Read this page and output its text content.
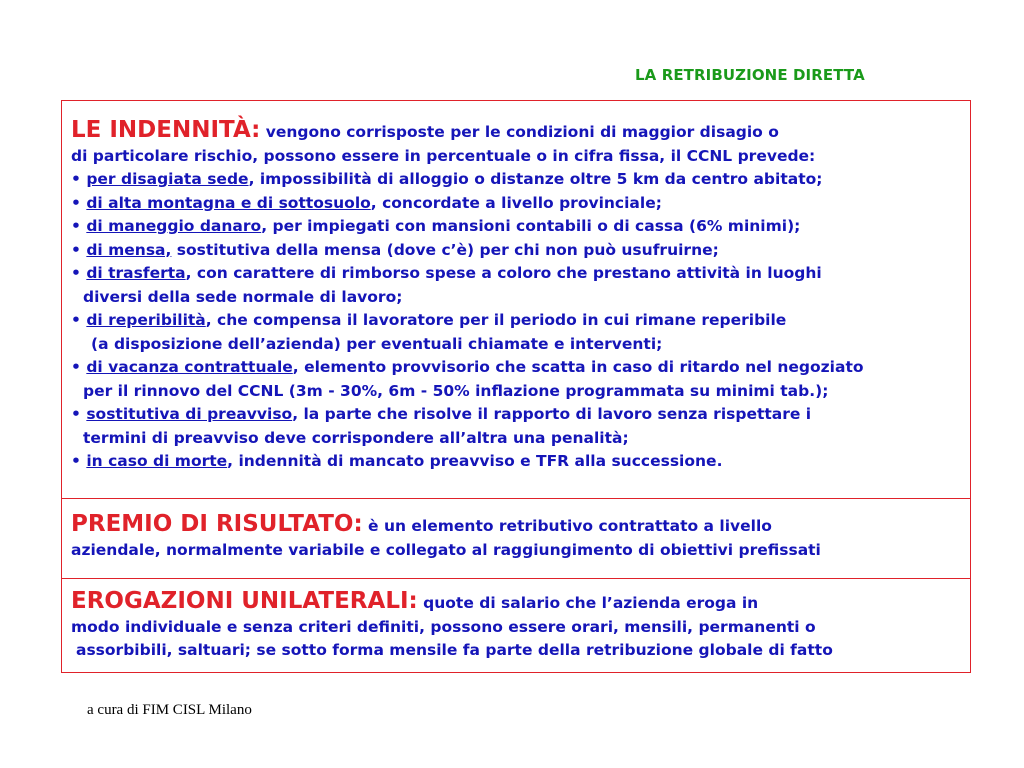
LA RETRIBUZIONE DIRETTA
LE INDENNITÀ: vengono corrisposte per le condizioni di maggior disagio o
di particolare rischio, possono essere in percentuale o in cifra fissa, il CCNL prevede:
• per disagiata sede, impossibilità di alloggio o distanze oltre 5 km da centro abitato;
• di alta montagna e di sottosuolo, concordate a livello provinciale;
• di maneggio danaro, per impiegati con mansioni contabili o di cassa (6% minimi);
• di mensa, sostitutiva della mensa (dove c’è) per chi non può usufruirne;
• di trasferta, con carattere di rimborso spese a coloro che prestano attività in luoghi
diversi della sede normale di lavoro;
• di reperibilità, che compensa il lavoratore per il periodo in cui rimane reperibile
(a disposizione dell’azienda) per eventuali chiamate e interventi;
• di vacanza contrattuale, elemento provvisorio che scatta in caso di ritardo nel negoziato
per il rinnovo del CCNL (3m - 30%, 6m - 50% inflazione programmata su minimi tab.);
• sostitutiva di preavviso, la parte che risolve il rapporto di lavoro senza rispettare i
termini di preavviso deve corrispondere all’altra una penalità;
• in caso di morte, indennità di mancato preavviso e TFR alla successione.
PREMIO DI RISULTATO: è un elemento retributivo contrattato a livello
aziendale, normalmente variabile e collegato al raggiungimento di obiettivi prefissati
EROGAZIONI UNILATERALI: quote di salario che l’azienda eroga in
modo individuale e senza criteri definiti, possono essere orari, mensili, permanenti o
assorbibili, saltuari; se sotto forma mensile fa parte della retribuzione globale di fatto
a cura di FIM CISL Milano
